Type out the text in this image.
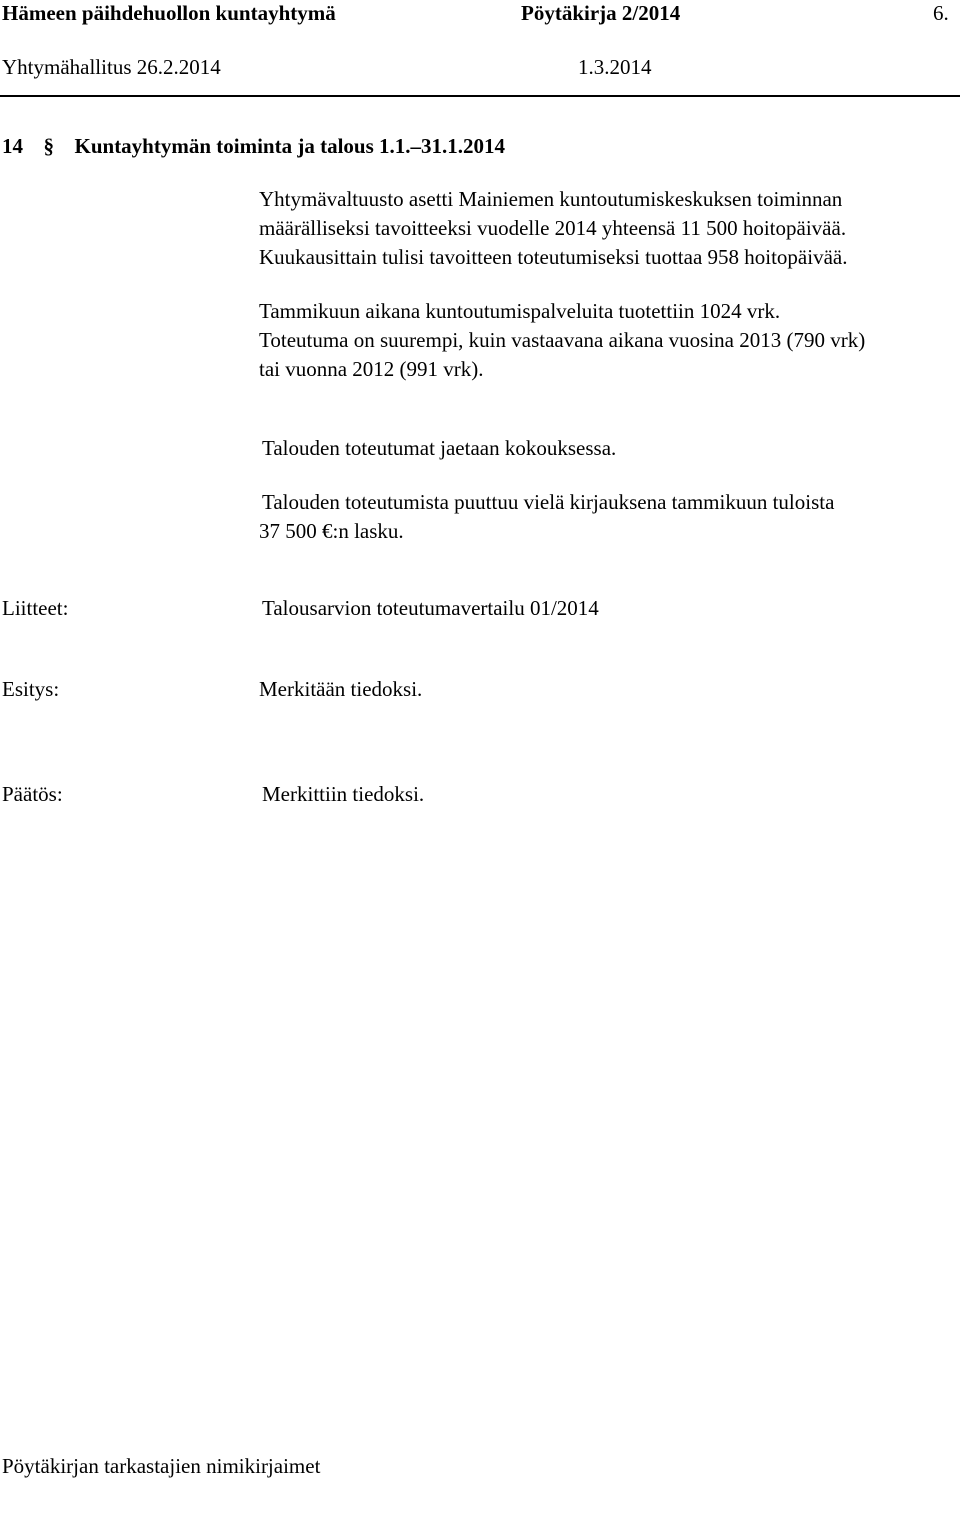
Hämeen päihdehuollon kuntayhtymä	Pöytäkirja 2/2014	6.
Yhtymähallitus 26.2.2014	1.3.2014
14 § Kuntayhtymän toiminta ja talous 1.1.–31.1.2014

Yhtymävaltuusto asetti Mainiemen kuntoutumiskeskuksen toiminnan

määrälliseksi tavoitteeksi vuodelle 2014 yhteensä 11 500 hoitopäivää.

Kuukausittain tulisi tavoitteen toteutumiseksi tuottaa 958 hoitopäivää.

Tammikuun aikana kuntoutumispalveluita tuotettiin 1024 vrk.

Toteutuma on suurempi, kuin vastaavana aikana vuosina 2013 (790 vrk)

tai vuonna 2012 (991 vrk).

Talouden toteutumat jaetaan kokouksessa.

Talouden toteutumista puuttuu vielä kirjauksena tammikuun tuloista

37 500 €:n lasku.

Liitteet:	Talousarvion toteutumavertailu 01/2014
Esitys:	Merkitään tiedoksi.
Päätös:	Merkittiin tiedoksi.
Pöytäkirjan tarkastajien nimikirjaimet
